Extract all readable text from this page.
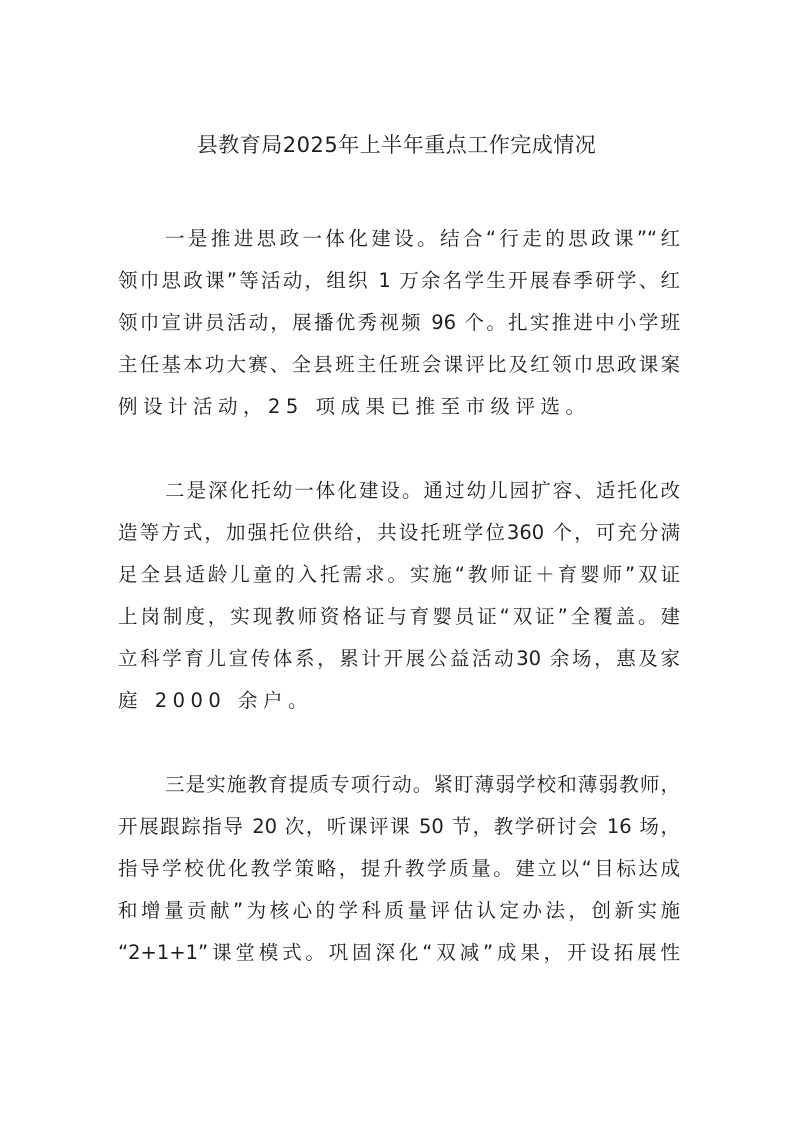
县教育局2025年上半年重点工作完成情况
一是推进思政一体化建设。结合“行走的思政课”“红
领巾思政课”等活动，组织 1 万余名学生开展春季研学、红
领巾宣讲员活动，展播优秀视频 96 个。扎实推进中小学班
主任基本功大赛、全县班主任班会课评比及红领巾思政课案
例设计活动，25 项成果已推至市级评选。
二是深化托幼一体化建设。通过幼儿园扩容、适托化改
造等方式，加强托位供给，共设托班学位360 个，可充分满
足全县适龄儿童的入托需求。实施“教师证＋育婴师”双证
上岗制度，实现教师资格证与育婴员证“双证”全覆盖。建
立科学育儿宣传体系，累计开展公益活动30 余场，惠及家
庭 2000 余户。
三是实施教育提质专项行动。紧盯薄弱学校和薄弱教师，
开展跟踪指导 20 次，听课评课 50 节，教学研讨会 16 场，
指导学校优化教学策略，提升教学质量。建立以“目标达成
和增量贡献”为核心的学科质量评估认定办法，创新实施
“2+1+1”课堂模式。巩固深化“双减”成果，开设拓展性
